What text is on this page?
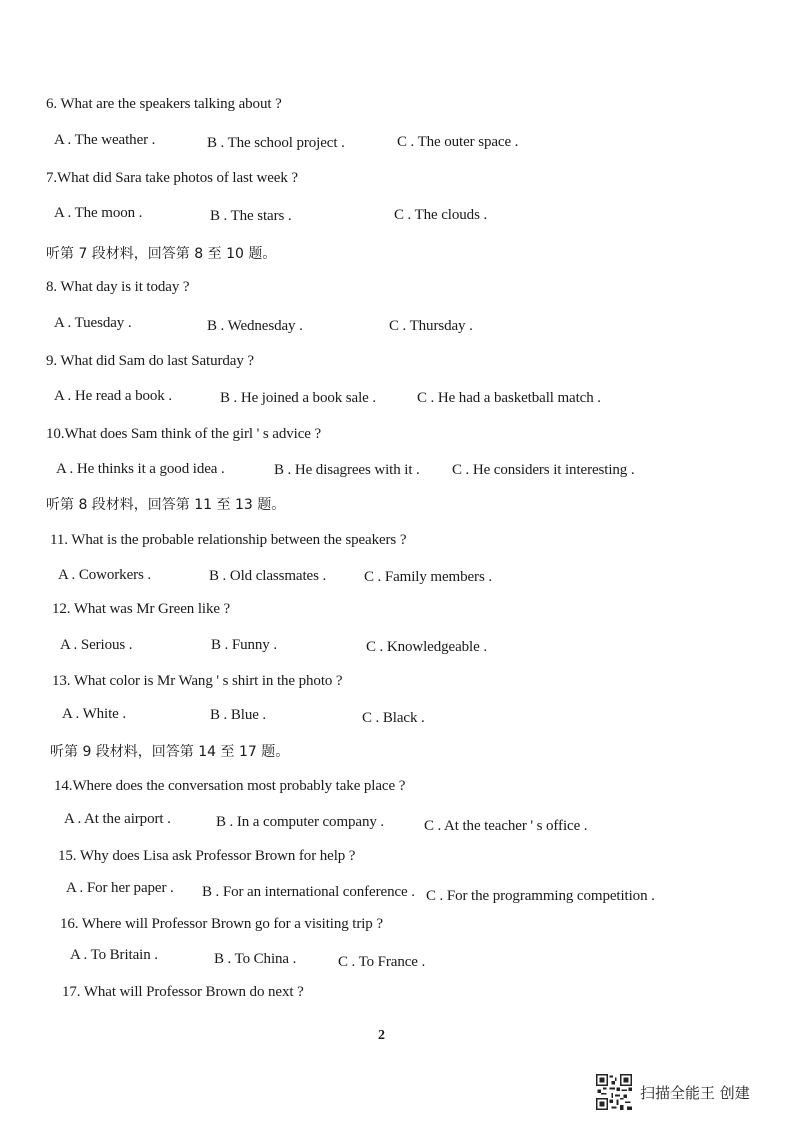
6. What are the speakers talking about ?
A . The weather .	B . The school project .	C . The outer space .
7.What did Sara take photos of last week ?
A . The moon .	B . The stars .	C . The clouds .
听第 7 段材料，回答第 8 至 10 题。
8. What day is it today ?
A . Tuesday .	B . Wednesday .	C . Thursday .
9. What did Sam do last Saturday ?
A . He read a book .	B . He joined a book sale .	C . He had a basketball match .
10.What does Sam think of the girl ' s advice ?
A . He thinks it a good idea .	B . He disagrees with it . C . He considers it interesting .
听第 8 段材料，回答第 11 至 13 题。
11. What is the probable relationship between the speakers ?
A . Coworkers .	B . Old classmates .	C . Family members .
12. What was Mr Green like ?
A . Serious .	B . Funny .	C . Knowledgeable .
13. What color is Mr Wang ' s shirt in the photo ?
A . White .	B . Blue .	C . Black .
听第 9 段材料，回答第 14 至 17 题。
14.Where does the conversation most probably take place ?
A . At the airport .	B . In a computer company .	C . At the teacher ' s office .
15. Why does Lisa ask Professor Brown for help ?
A . For her paper . B . For an international conference . C . For the programming competition .
16. Where will Professor Brown go for a visiting trip ?
A . To Britain .	B . To China .	C . To France .
17. What will Professor Brown do next ?
2
扫描全能王 创建
